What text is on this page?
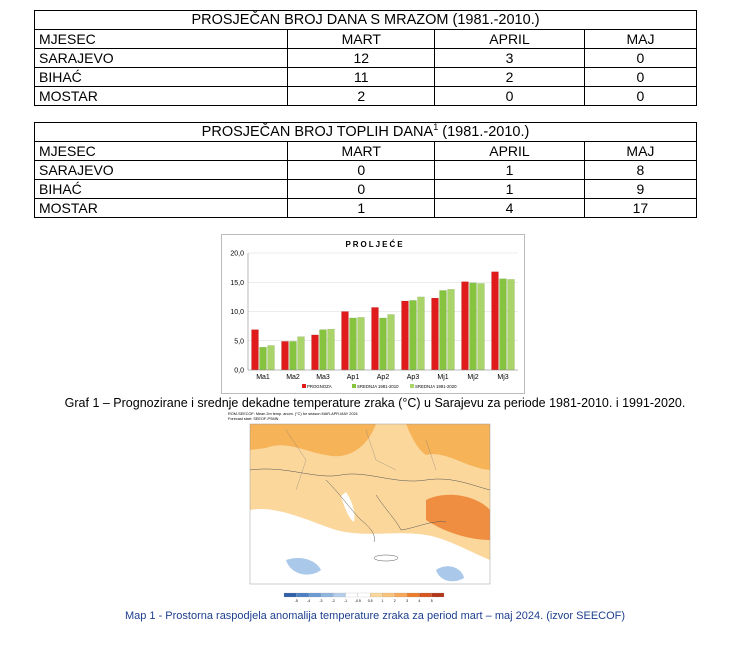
PROSJEČAN BROJ DANA S MRAZOM (1981.-2010.)			
MJESEC	MART	APRIL	MAJ
SARAJEVO	12	3	0
BIHAĆ	11	2	0
MOSTAR	2	0	0
PROSJEČAN BROJ TOPLIH DANA$^1$ (1981.-2010.)			
MJESEC	MART	APRIL	MAJ
SARAJEVO	0	1	8
BIHAĆ	0	1	9
MOSTAR	1	4	17
PROLJEĆE
0,0
5,0
10,0
15,0
20,0
Ma1 Ma2 Ma3 Ap1	Ap2	Ap3	Mj1	Mj2	Mj3
PROGNOZA	SREDNJA 1981-2010	SREDNJA 1991-2020
Graf 1 – Prognozirane i srednje dekadne temperature zraka (°C) u Sarajevu za periode 1981-2010. i 1991-2020.
ROM-SEECOF: Mean 2m temp. anom. (°C) for season MAR-APR-MAY 2024
Forecast start: SEEOF-PSMN
-5	-4	-3	-2	-1 -0.5 0.5	1	2	3	4	5
Map 1 - Prostorna raspodjela anomalija temperature zraka za period mart – maj 2024. (izvor SEECOF)
